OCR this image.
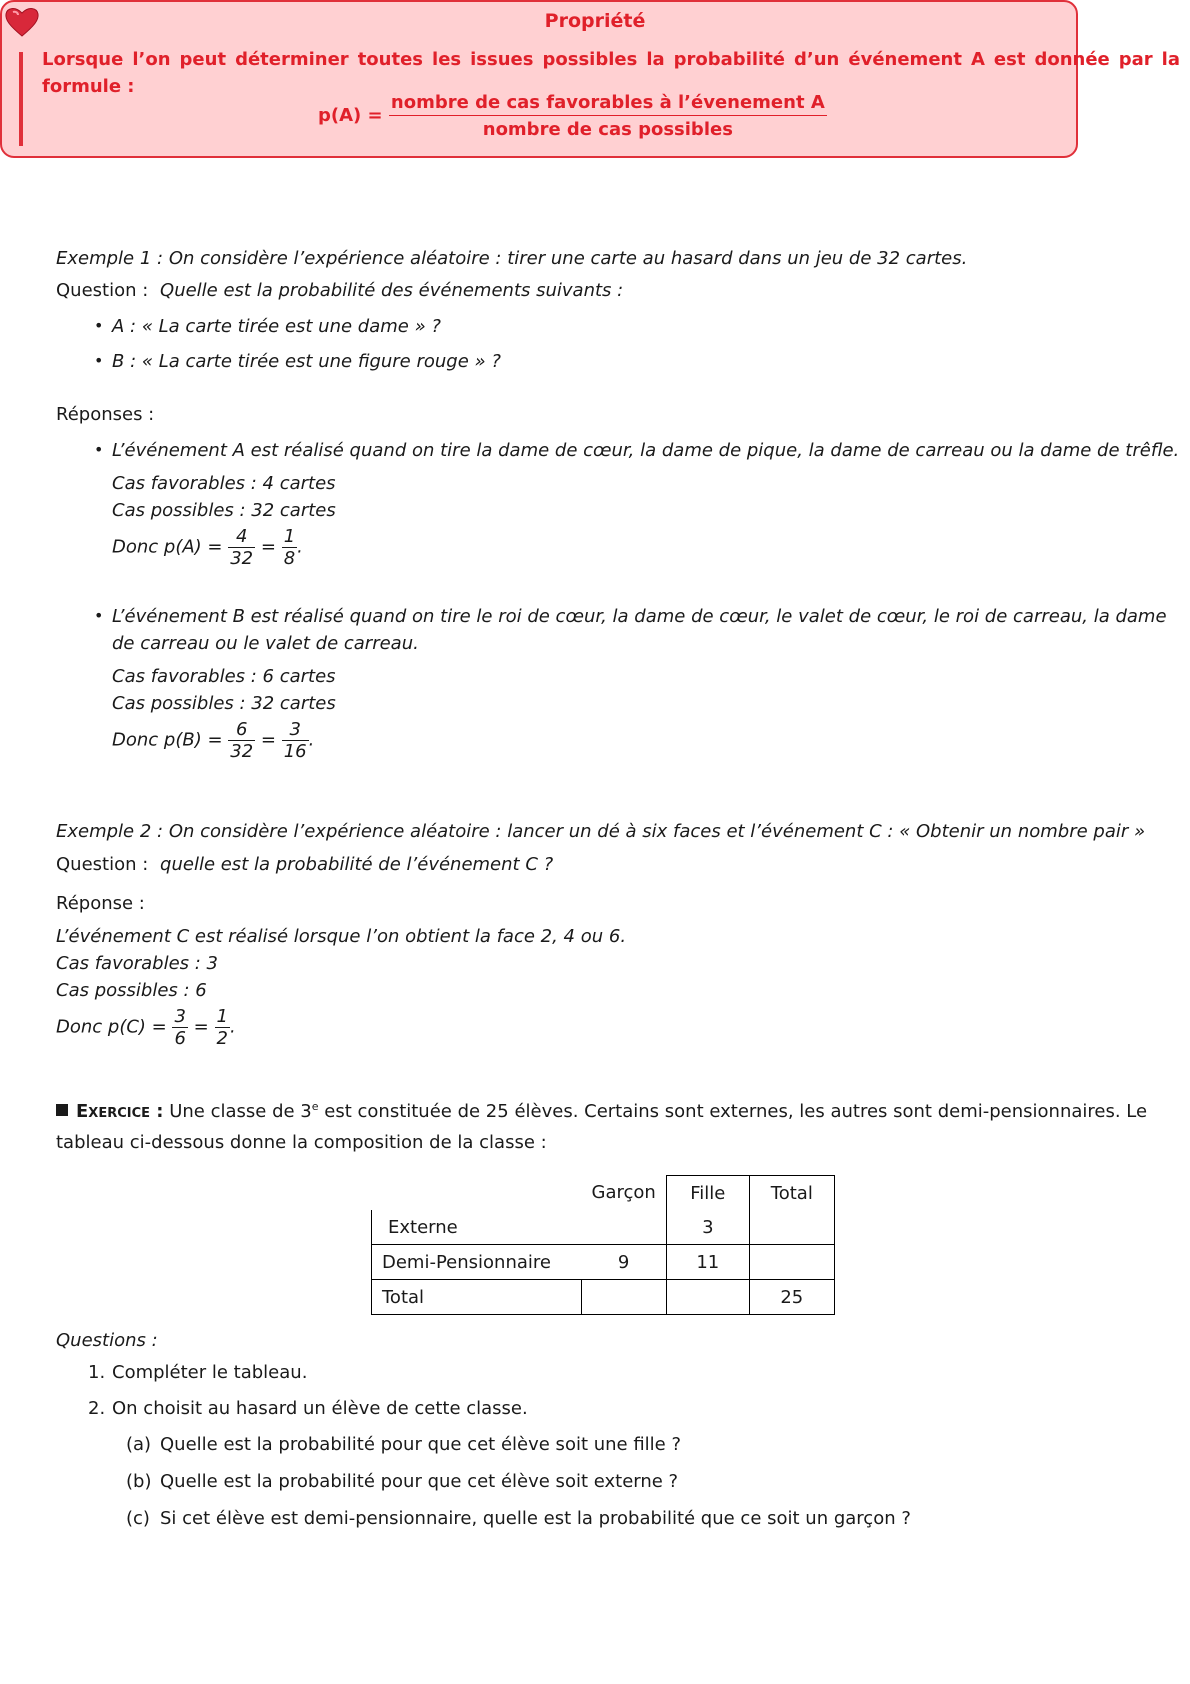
Propriété
Lorsque l’on peut déterminer toutes les issues possibles la probabilité d’un événement A est donnée par la formule :
$p(A) = \frac{\text{nombre de cas favorables à l’évenement A}}{\text{nombre de cas possibles}}$
Exemple 1 : On considère l’expérience aléatoire : tirer une carte au hasard dans un jeu de 32 cartes.
Question : Quelle est la probabilité des événements suivants :
• A : « La carte tirée est une dame » ?
• B : « La carte tirée est une figure rouge » ?
Réponses :
• L’événement A est réalisé quand on tire la dame de cœur, la dame de pique, la dame de carreau ou la dame de trêfle.
Cas favorables : 4 cartes
Cas possibles : 32 cartes
Donc $p(A) = \frac{4}{32} = \frac{1}{8}$ .
• L’événement B est réalisé quand on tire le roi de cœur, la dame de cœur, le valet de cœur, le roi de carreau, la dame
de carreau ou le valet de carreau.
Cas favorables : 6 cartes
Cas possibles : 32 cartes
Donc $p(B) = \frac{6}{32} = \frac{3}{16}$ .
Exemple 2 : On considère l’expérience aléatoire : lancer un dé à six faces et l’événement C : « Obtenir un nombre pair »
Question : quelle est la probabilité de l’événement C ?
Réponse :
L’événement C est réalisé lorsque l’on obtient la face 2, 4 ou 6.
Cas favorables : 3
Cas possibles : 6
Donc $p(C) = \frac{3}{6} = \frac{1}{2}$ .
Exercice : Une classe de 3e est constituée de 25 élèves. Certains sont externes, les autres sont demi-pensionnaires. Le
tableau ci-dessous donne la composition de la classe :
	Garçon	Fille	Total
Externe		3	
Demi-Pensionnaire	9	11	
Total			25
Questions :
1. Compléter le tableau.
2. On choisit au hasard un élève de cette classe.
(a) Quelle est la probabilité pour que cet élève soit une fille ?
(b) Quelle est la probabilité pour que cet élève soit externe ?
(c) Si cet élève est demi-pensionnaire, quelle est la probabilité que ce soit un garçon ?
